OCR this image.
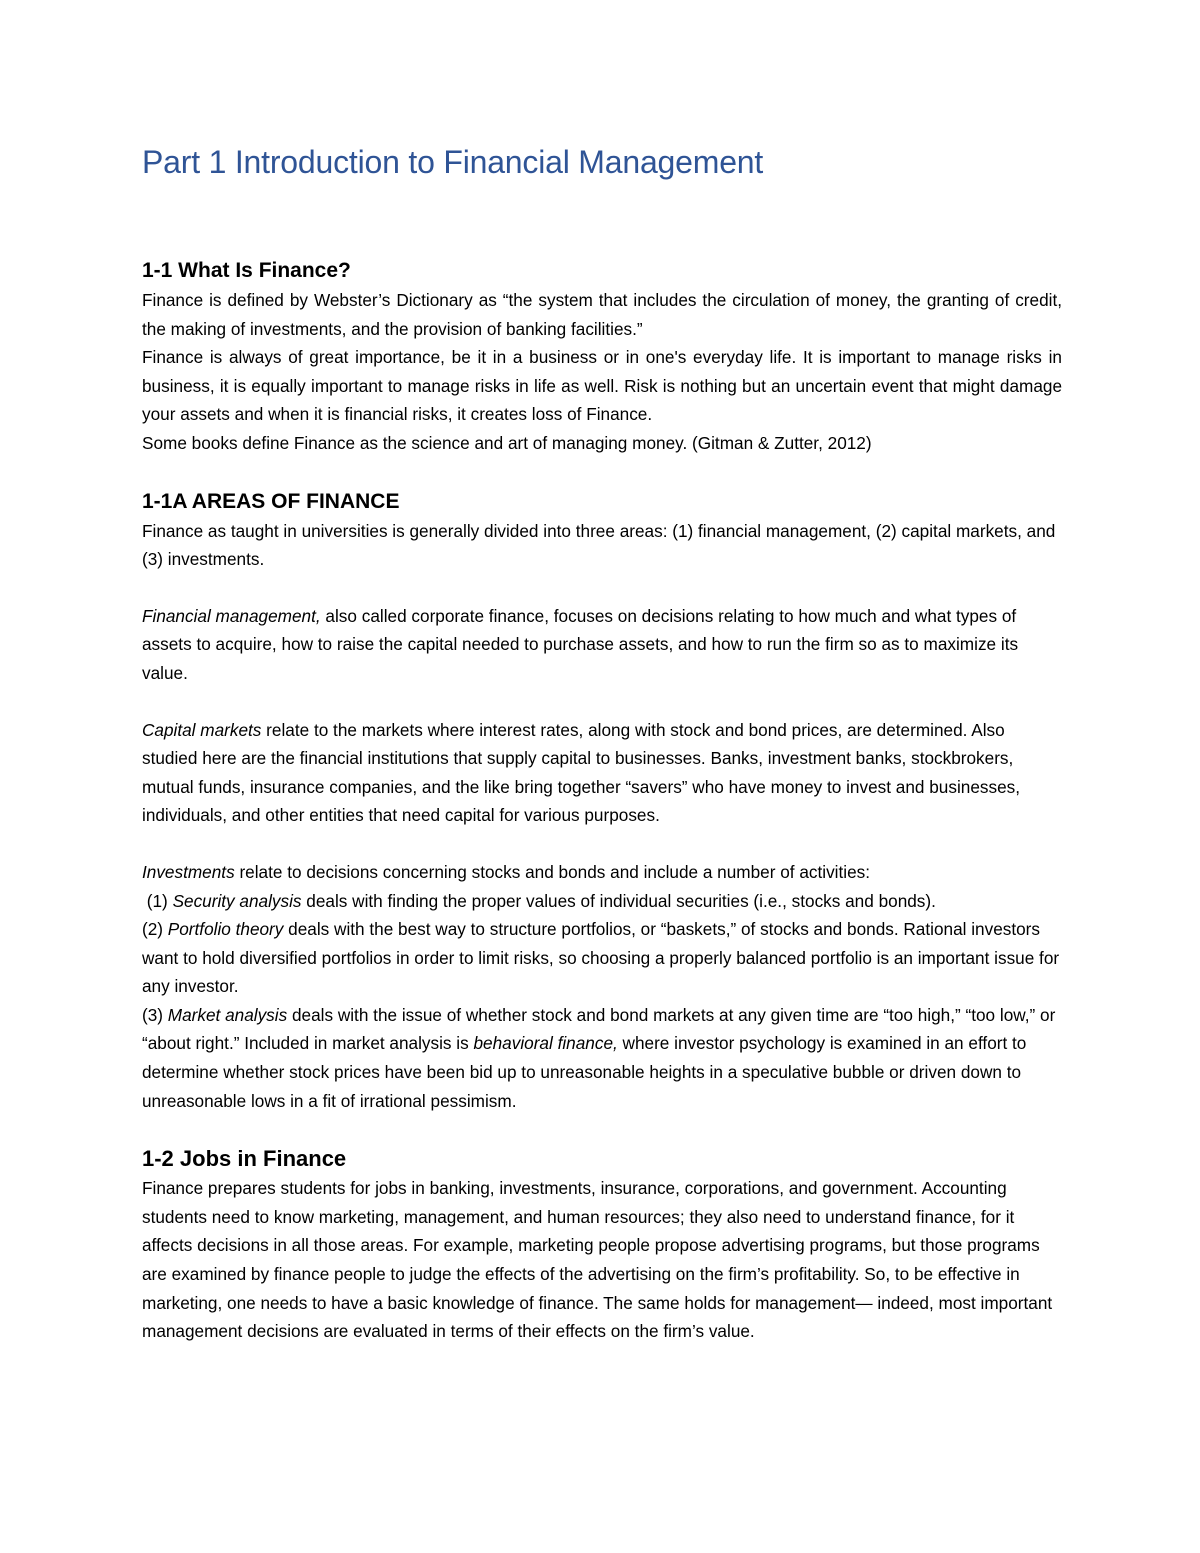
Part 1 Introduction to Financial Management
1-1 What Is Finance?

Finance is defined by Webster’s Dictionary as “the system that includes the circulation of money, the granting of credit, the making of investments, and the provision of banking facilities.”

Finance is always of great importance, be it in a business or in one's everyday life. It is important to manage risks in business, it is equally important to manage risks in life as well. Risk is nothing but an uncertain event that might damage your assets and when it is financial risks, it creates loss of Finance.

Some books define Finance as the science and art of managing money. (Gitman & Zutter, 2012)

1-1A AREAS OF FINANCE

Finance as taught in universities is generally divided into three areas: (1) financial management, (2) capital markets, and (3) investments.

Financial management, also called corporate finance, focuses on decisions relating to how much and what types of assets to acquire, how to raise the capital needed to purchase assets, and how to run the firm so as to maximize its value.

Capital markets relate to the markets where interest rates, along with stock and bond prices, are determined. Also studied here are the financial institutions that supply capital to businesses. Banks, investment banks, stockbrokers, mutual funds, insurance companies, and the like bring together “savers” who have money to invest and businesses, individuals, and other entities that need capital for various purposes.

Investments relate to decisions concerning stocks and bonds and include a number of activities:

(1) Security analysis deals with finding the proper values of individual securities (i.e., stocks and bonds).

(2) Portfolio theory deals with the best way to structure portfolios, or “baskets,” of stocks and bonds. Rational investors want to hold diversified portfolios in order to limit risks, so choosing a properly balanced portfolio is an important issue for any investor.

(3) Market analysis deals with the issue of whether stock and bond markets at any given time are “too high,” “too low,” or “about right.” Included in market analysis is behavioral finance, where investor psychology is examined in an effort to determine whether stock prices have been bid up to unreasonable heights in a speculative bubble or driven down to unreasonable lows in a fit of irrational pessimism.

1-2 Jobs in Finance

Finance prepares students for jobs in banking, investments, insurance, corporations, and government. Accounting students need to know marketing, management, and human resources; they also need to understand finance, for it affects decisions in all those areas. For example, marketing people propose advertising programs, but those programs are examined by finance people to judge the effects of the advertising on the firm’s profitability. So, to be effective in marketing, one needs to have a basic knowledge of finance. The same holds for management— indeed, most important management decisions are evaluated in terms of their effects on the firm’s value.
